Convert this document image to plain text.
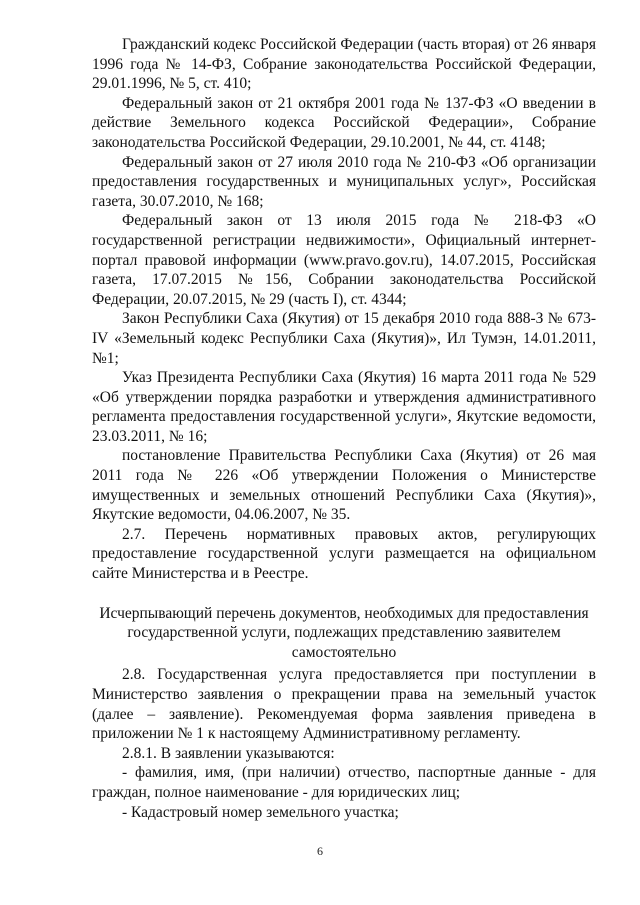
Гражданский кодекс Российской Федерации (часть вторая) от 26 января 1996 года № 14-ФЗ, Собрание законодательства Российской Федерации, 29.01.1996, № 5, ст. 410;

Федеральный закон от 21 октября 2001 года № 137-ФЗ «О введении в действие Земельного кодекса Российской Федерации», Собрание законодательства Российской Федерации, 29.10.2001, № 44, ст. 4148;

Федеральный закон от 27 июля 2010 года № 210-ФЗ «Об организации предоставления государственных и муниципальных услуг», Российская газета, 30.07.2010, № 168;

Федеральный закон от 13 июля 2015 года № 218-ФЗ «О государственной регистрации недвижимости», Официальный интернет-портал правовой информации (www.pravo.gov.ru), 14.07.2015, Российская газета, 17.07.2015 №156, Собрании законодательства Российской Федерации, 20.07.2015, № 29 (часть I), ст. 4344;

Закон Республики Саха (Якутия) от 15 декабря 2010 года 888-З № 673-IV «Земельный кодекс Республики Саха (Якутия)», Ил Тумэн, 14.01.2011, №1;

Указ Президента Республики Саха (Якутия) 16 марта 2011 года № 529 «Об утверждении порядка разработки и утверждения административного регламента предоставления государственной услуги», Якутские ведомости, 23.03.2011, № 16;

постановление Правительства Республики Саха (Якутия) от 26 мая 2011 года № 226 «Об утверждении Положения о Министерстве имущественных и земельных отношений Республики Саха (Якутия)», Якутские ведомости, 04.06.2007, № 35.

2.7. Перечень нормативных правовых актов, регулирующих предоставление государственной услуги размещается на официальном сайте Министерства и в Реестре.

Исчерпывающий перечень документов, необходимых для предоставления государственной услуги, подлежащих представлению заявителем самостоятельно

2.8. Государственная услуга предоставляется при поступлении в Министерство заявления о прекращении права на земельный участок (далее – заявление). Рекомендуемая форма заявления приведена в приложении № 1 к настоящему Административному регламенту.

2.8.1. В заявлении указываются:

- фамилия, имя, (при наличии) отчество, паспортные данные - для граждан, полное наименование - для юридических лиц;

- Кадастровый номер земельного участка;

6
